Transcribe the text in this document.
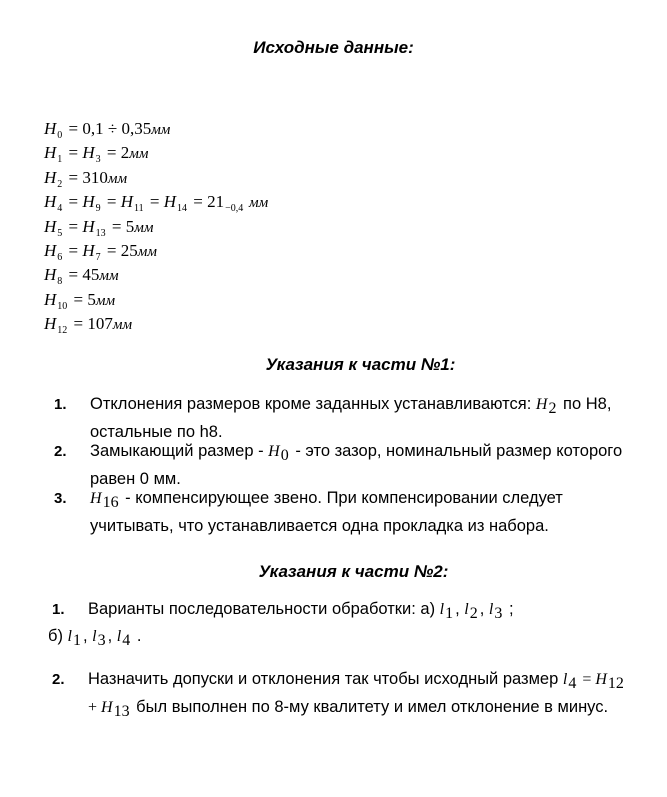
Исходные данные:
$H_0 = 0,1 \div 0,35мм$
$H_1 = H_3 = 2мм$
$H_2 = 310мм$
$H_4 = H_9 = H_{11} = H_{14} = 21_{-0,4}$ мм
$H_5 = H_{13} = 5мм$
$H_6 = H_7 = 25мм$
$H_8 = 45мм$
$H_{10} = 5мм$
$H_{12} = 107мм$
Указания к части №1:
1. Отклонения размеров кроме заданных устанавливаются: H2 по H8, остальные по h8.
2. Замыкающий размер - H0 - это зазор, номинальный размер которого равен 0 мм.
3. H16 - компенсирующее звено. При компенсировании следует учитывать, что устанавливается одна прокладка из набора.
Указания к части №2:
1. Варианты последовательности обработки: а) l1 , l2 , l3 ;
б) l1 , l3 , l4 .
2. Назначить допуски и отклонения так чтобы исходный размер l4 = H12 + H13 был выполнен по 8-му квалитету и имел отклонение в минус.
